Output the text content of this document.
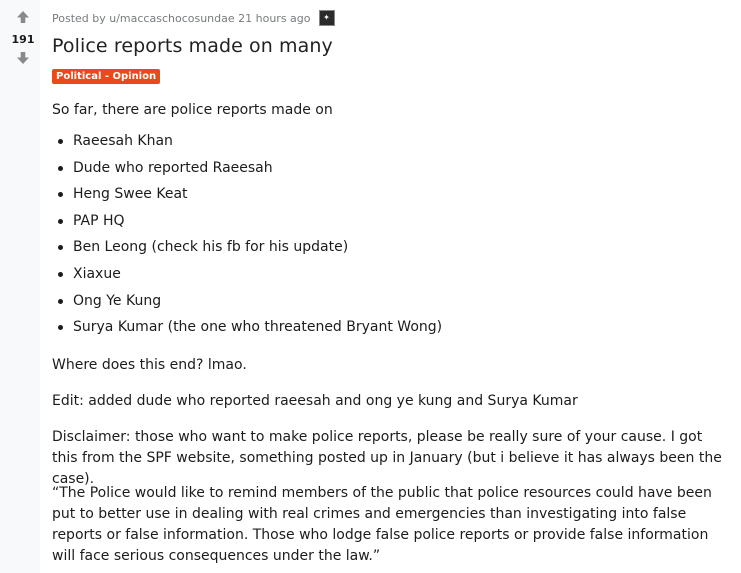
191
Posted by u/maccaschocosundae 21 hours ago	✦
Police reports made on many
Political - Opinion

So far, there are police reports made on

Raeesah Khan
Dude who reported Raeesah
Heng Swee Keat
PAP HQ
Ben Leong (check his fb for his update)
Xiaxue
Ong Ye Kung
Surya Kumar (the one who threatened Bryant Wong)

Where does this end? lmao.

Edit: added dude who reported raeesah and ong ye kung and Surya Kumar

Disclaimer: those who want to make police reports, please be really sure of your cause. I got this from the SPF website, something posted up in January (but i believe it has always been the case).

“The Police would like to remind members of the public that police resources could have been put to better use in dealing with real crimes and emergencies than investigating into false reports or false information. Those who lodge false police reports or provide false information will face serious consequences under the law.”
